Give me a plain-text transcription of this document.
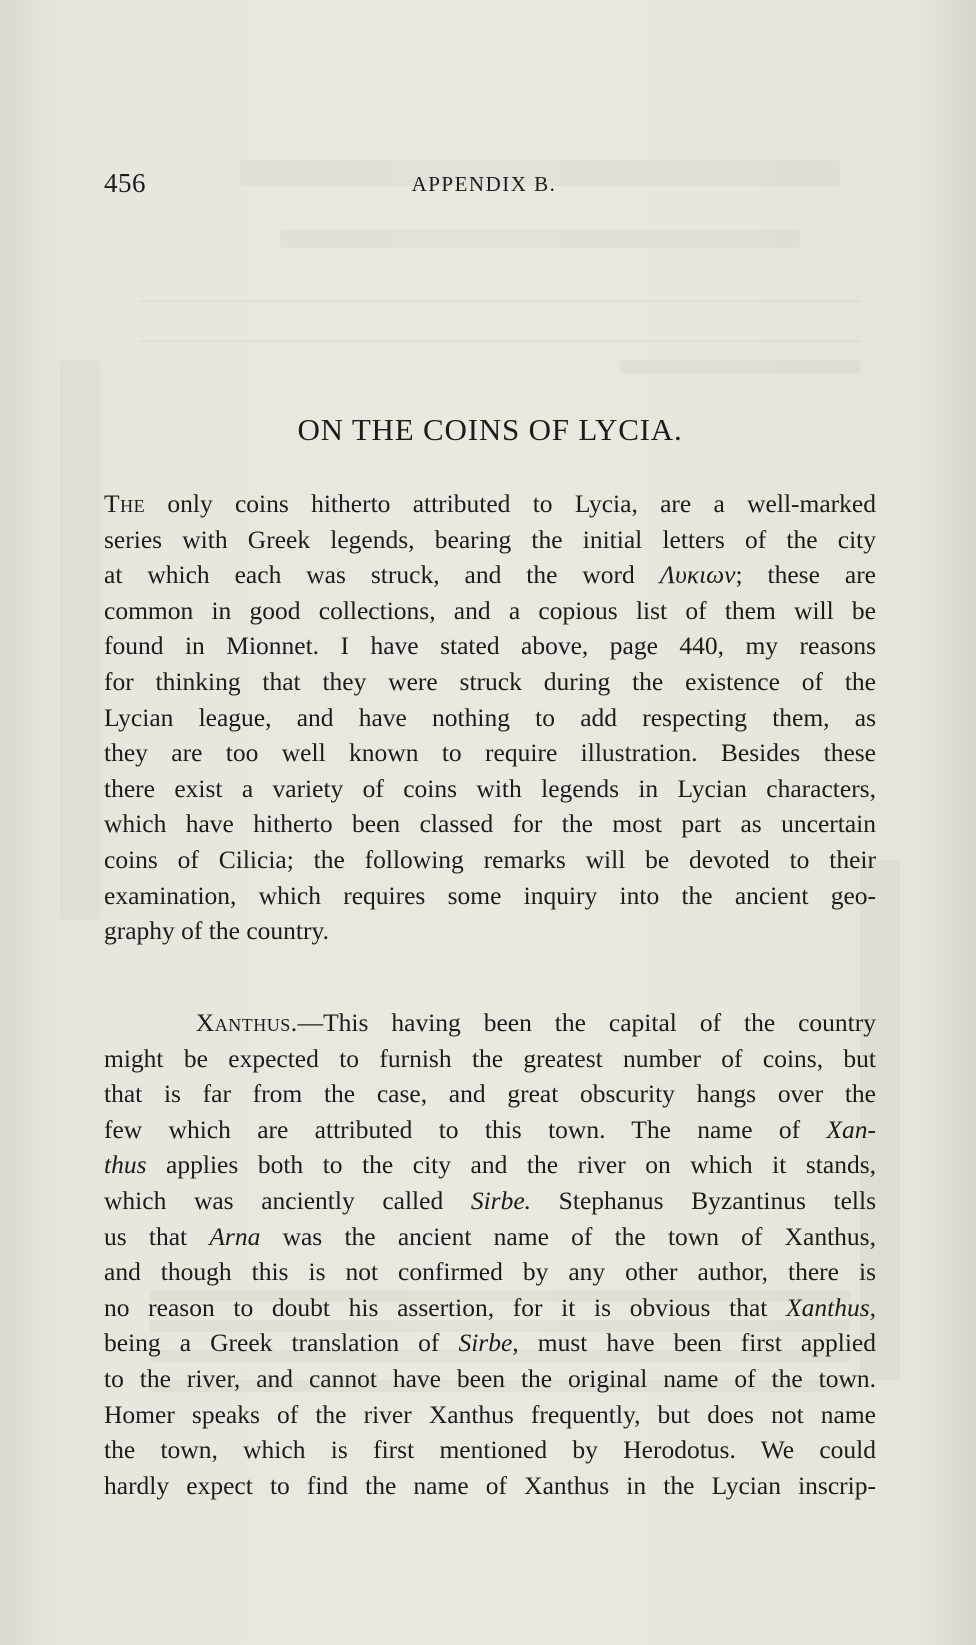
456	APPENDIX B.
ON THE COINS OF LYCIA.

The only coins hitherto attributed to Lycia, are a well-marked
series with Greek legends, bearing the initial letters of the city
at which each was struck, and the word Λυκιων; these are
common in good collections, and a copious list of them will be
found in Mionnet. I have stated above, page 440, my reasons
for thinking that they were struck during the existence of the
Lycian league, and have nothing to add respecting them, as
they are too well known to require illustration. Besides these
there exist a variety of coins with legends in Lycian characters,
which have hitherto been classed for the most part as uncertain
coins of Cilicia; the following remarks will be devoted to their
examination, which requires some inquiry into the ancient geo-
graphy of the country.

Xanthus.—This having been the capital of the country
might be expected to furnish the greatest number of coins, but
that is far from the case, and great obscurity hangs over the
few which are attributed to this town. The name of Xan-
thus applies both to the city and the river on which it stands,
which was anciently called Sirbe. Stephanus Byzantinus tells
us that Arna was the ancient name of the town of Xanthus,
and though this is not confirmed by any other author, there is
no reason to doubt his assertion, for it is obvious that Xanthus,
being a Greek translation of Sirbe, must have been first applied
to the river, and cannot have been the original name of the town.
Homer speaks of the river Xanthus frequently, but does not name
the town, which is first mentioned by Herodotus. We could
hardly expect to find the name of Xanthus in the Lycian inscrip-
